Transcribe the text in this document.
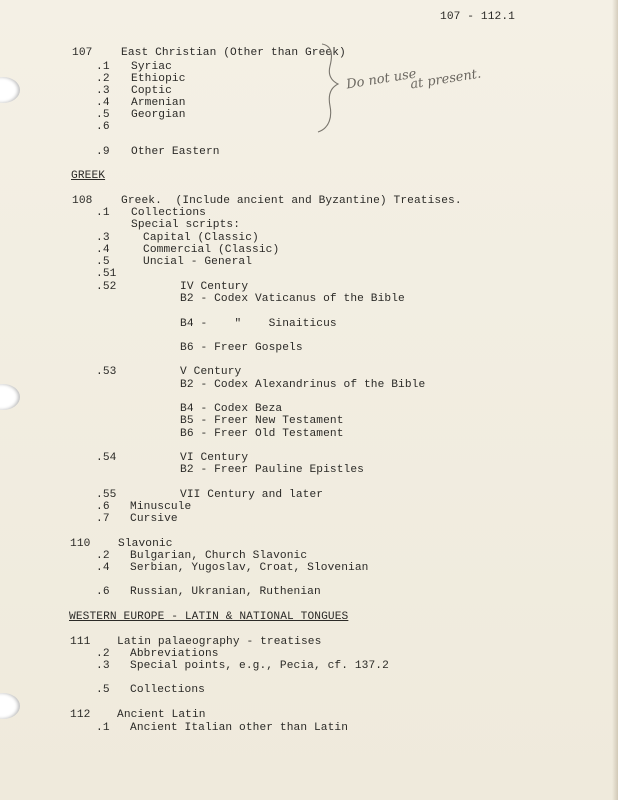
107 - 112.1
107	East Christian (Other than Greek)
.1 Syriac
.2 Ethiopic
.3 Coptic
.4 Armenian
.5 Georgian
.6
.9 Other Eastern
Do not use
at present.
GREEK
108	Greek.  (Include ancient and Byzantine) Treatises.
.1 Collections
Special scripts:
.3	Capital (Classic)
.4	Commercial (Classic)
.5	Uncial - General
.51
.52	IV Century
B2 - Codex Vaticanus of the Bible
B4 -    "    Sinaiticus
B6 - Freer Gospels
.53	V Century
B2 - Codex Alexandrinus of the Bible
B4 - Codex Beza
B5 - Freer New Testament
B6 - Freer Old Testament
.54	VI Century
B2 - Freer Pauline Epistles
.55	VII Century and later
.6 Minuscule
.7 Cursive
110 Slavonic
.2 Bulgarian, Church Slavonic
.4 Serbian, Yugoslav, Croat, Slovenian
.6 Russian, Ukranian, Ruthenian
WESTERN EUROPE - LATIN & NATIONAL TONGUES
111 Latin palaeography - treatises
.2 Abbreviations
.3 Special points, e.g., Pecia, cf. 137.2
.5 Collections
112 Ancient Latin
.1 Ancient Italian other than Latin
